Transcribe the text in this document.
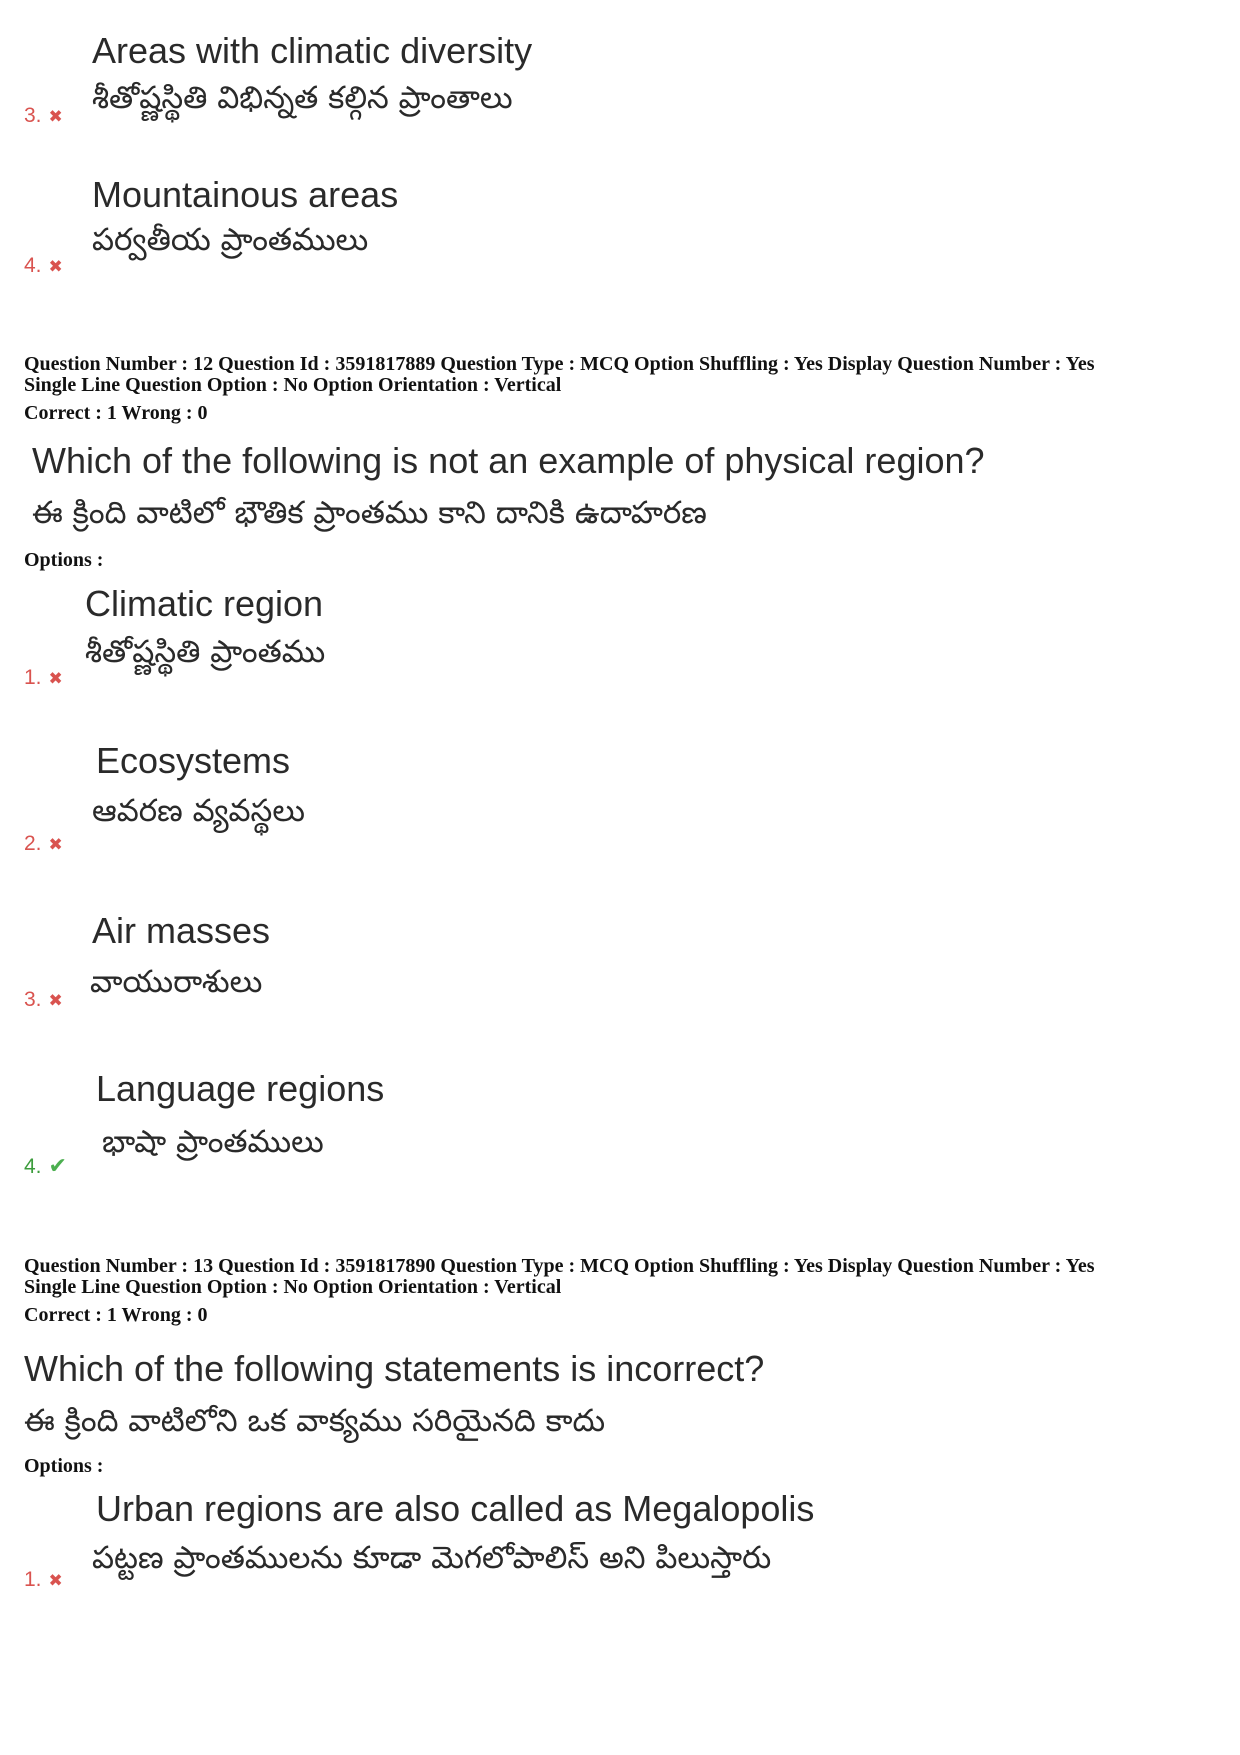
Areas with climatic diversity
శీతోష్ణస్థితి విభిన్నత కల్గిన ప్రాంతాలు
3. ✖
Mountainous areas
పర్వతీయ ప్రాంతములు
4. ✖
Question Number : 12 Question Id : 3591817889 Question Type : MCQ Option Shuffling : Yes Display Question Number : Yes
Single Line Question Option : No Option Orientation : Vertical
Correct : 1 Wrong : 0
Which of the following is not an example of physical region?
ఈ క్రింది వాటిలో భౌతిక ప్రాంతము కాని దానికి ఉదాహరణ
Options :
Climatic region
శీతోష్ణస్థితి ప్రాంతము
1. ✖
Ecosystems
ఆవరణ వ్యవస్థలు
2. ✖
Air masses
వాయురాశులు
3. ✖
Language regions
భాషా ప్రాంతములు
4. ✔
Question Number : 13 Question Id : 3591817890 Question Type : MCQ Option Shuffling : Yes Display Question Number : Yes
Single Line Question Option : No Option Orientation : Vertical
Correct : 1 Wrong : 0
Which of the following statements is incorrect?
ఈ క్రింది వాటిలోని ఒక వాక్యము సరియైనది కాదు
Options :
Urban regions are also called as Megalopolis
పట్టణ ప్రాంతములను కూడా మెగలోపాలిస్ అని పిలుస్తారు
1. ✖
